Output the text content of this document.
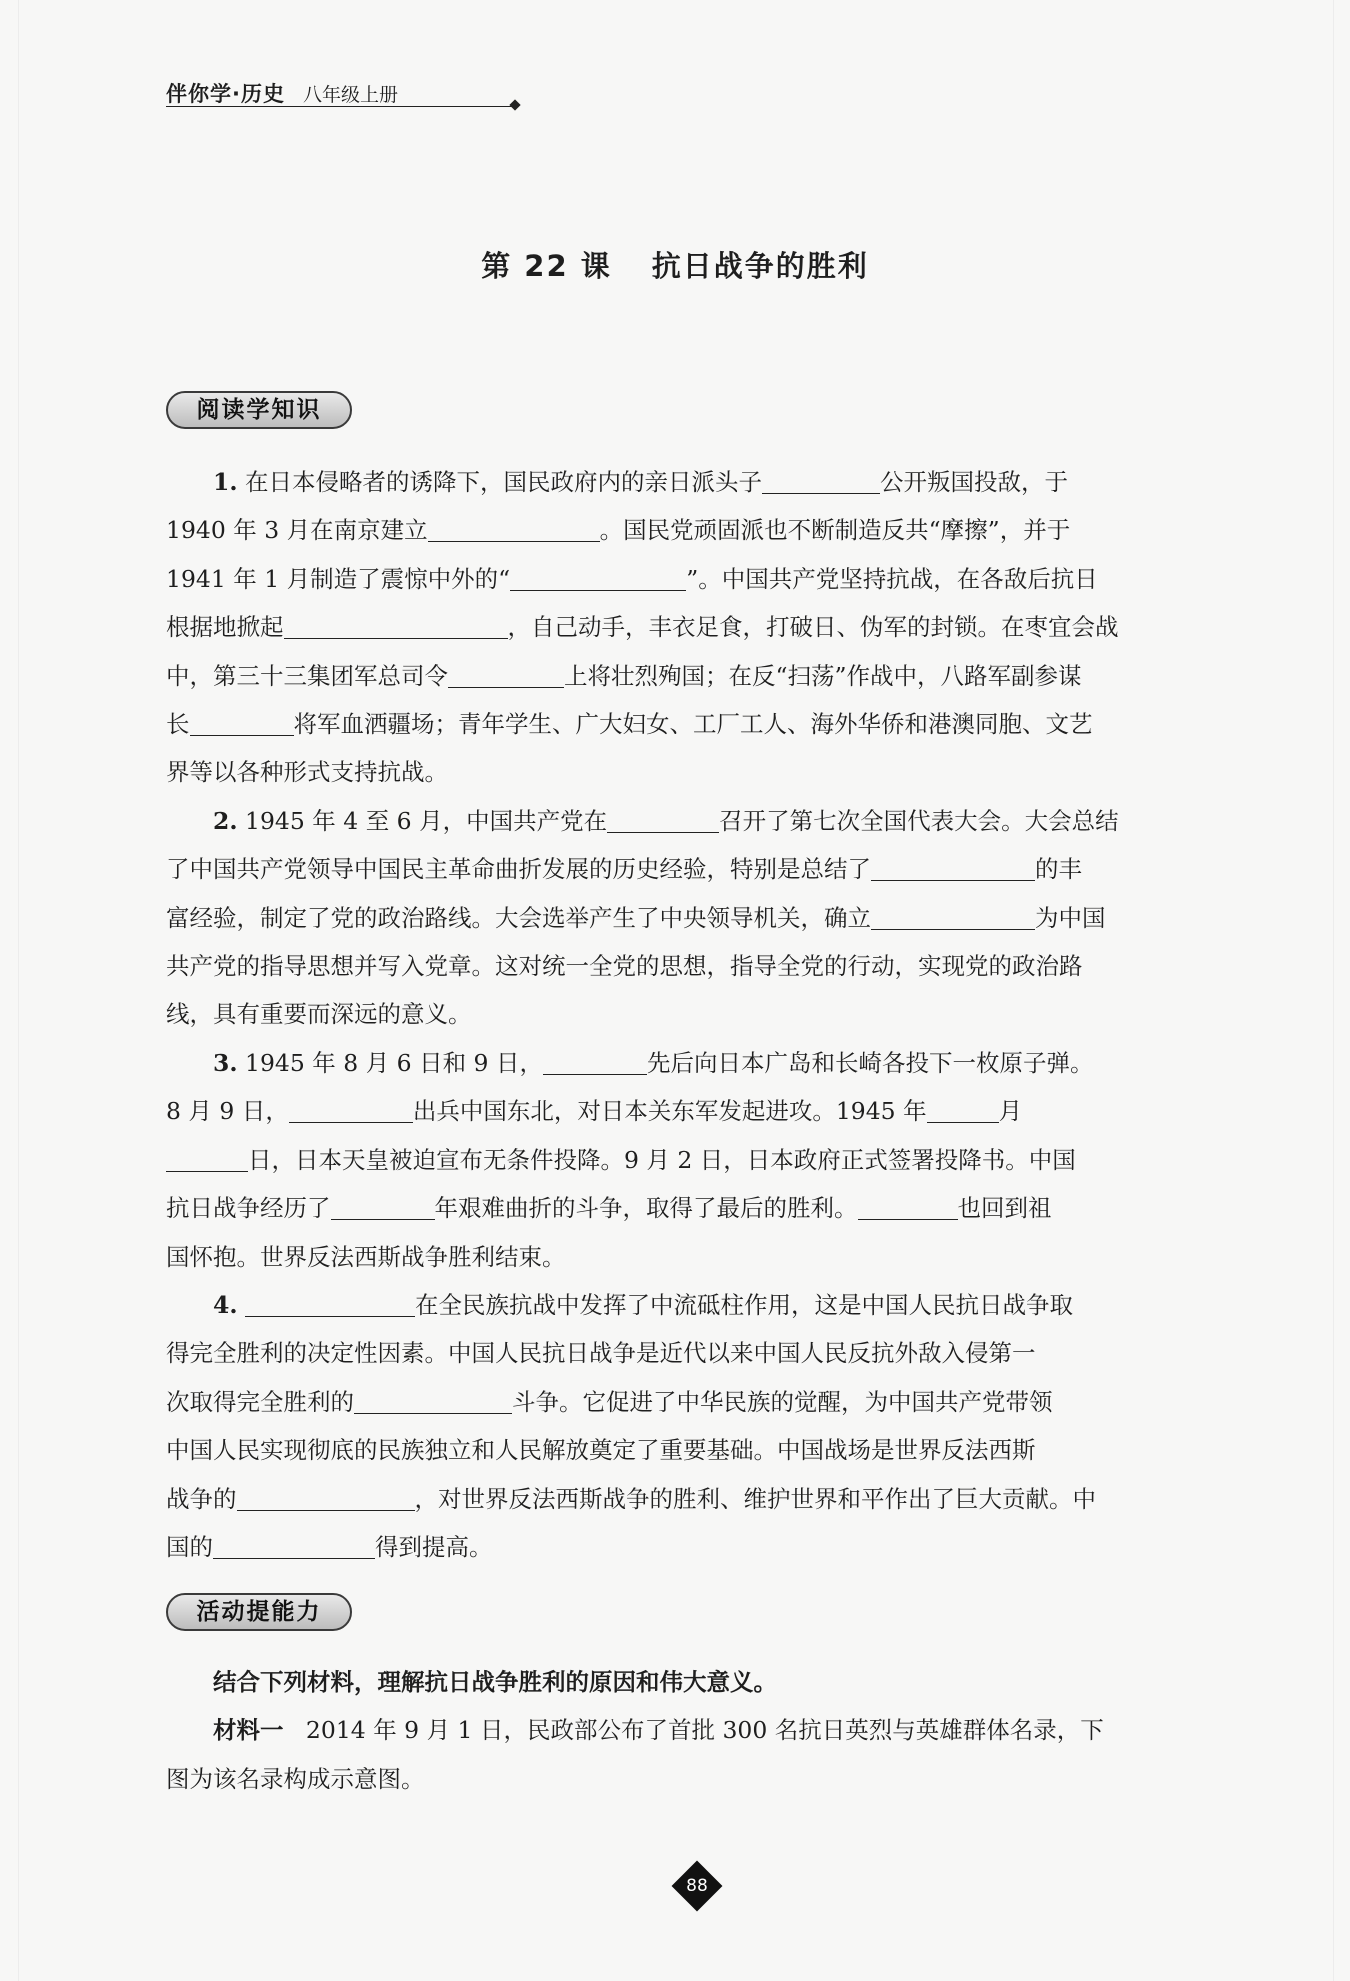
伴你学·历史 八年级上册
第 22 课 抗日战争的胜利
阅读学知识

1. 在日本侵略者的诱降下，国民政府内的亲日派头子	公开叛国投敌，于

1940 年 3 月在南京建立	。国民党顽固派也不断制造反共“摩擦”，并于

1941 年 1 月制造了震惊中外的“	”。中国共产党坚持抗战，在各敌后抗日

根据地掀起	，自己动手，丰衣足食，打破日、伪军的封锁。在枣宜会战

中，第三十三集团军总司令	上将壮烈殉国；在反“扫荡”作战中，八路军副参谋

长	将军血洒疆场；青年学生、广大妇女、工厂工人、海外华侨和港澳同胞、文艺

界等以各种形式支持抗战。

2. 1945 年 4 至 6 月，中国共产党在	召开了第七次全国代表大会。大会总结

了中国共产党领导中国民主革命曲折发展的历史经验，特别是总结了	的丰

富经验，制定了党的政治路线。大会选举产生了中央领导机关，确立	为中国

共产党的指导思想并写入党章。这对统一全党的思想，指导全党的行动，实现党的政治路

线，具有重要而深远的意义。

3. 1945 年 8 月 6 日和 9 日，	先后向日本广岛和长崎各投下一枚原子弹。

8 月 9 日，	出兵中国东北，对日本关东军发起进攻。1945 年	月

日，日本天皇被迫宣布无条件投降。9 月 2 日，日本政府正式签署投降书。中国

抗日战争经历了	年艰难曲折的斗争，取得了最后的胜利。	也回到祖

国怀抱。世界反法西斯战争胜利结束。

4.	在全民族抗战中发挥了中流砥柱作用，这是中国人民抗日战争取

得完全胜利的决定性因素。中国人民抗日战争是近代以来中国人民反抗外敌入侵第一

次取得完全胜利的	斗争。它促进了中华民族的觉醒，为中国共产党带领

中国人民实现彻底的民族独立和人民解放奠定了重要基础。中国战场是世界反法西斯

战争的	，对世界反法西斯战争的胜利、维护世界和平作出了巨大贡献。中

国的	得到提高。

活动提能力

结合下列材料，理解抗日战争胜利的原因和伟大意义。

材料一 2014 年 9 月 1 日，民政部公布了首批 300 名抗日英烈与英雄群体名录，下

图为该名录构成示意图。

88
